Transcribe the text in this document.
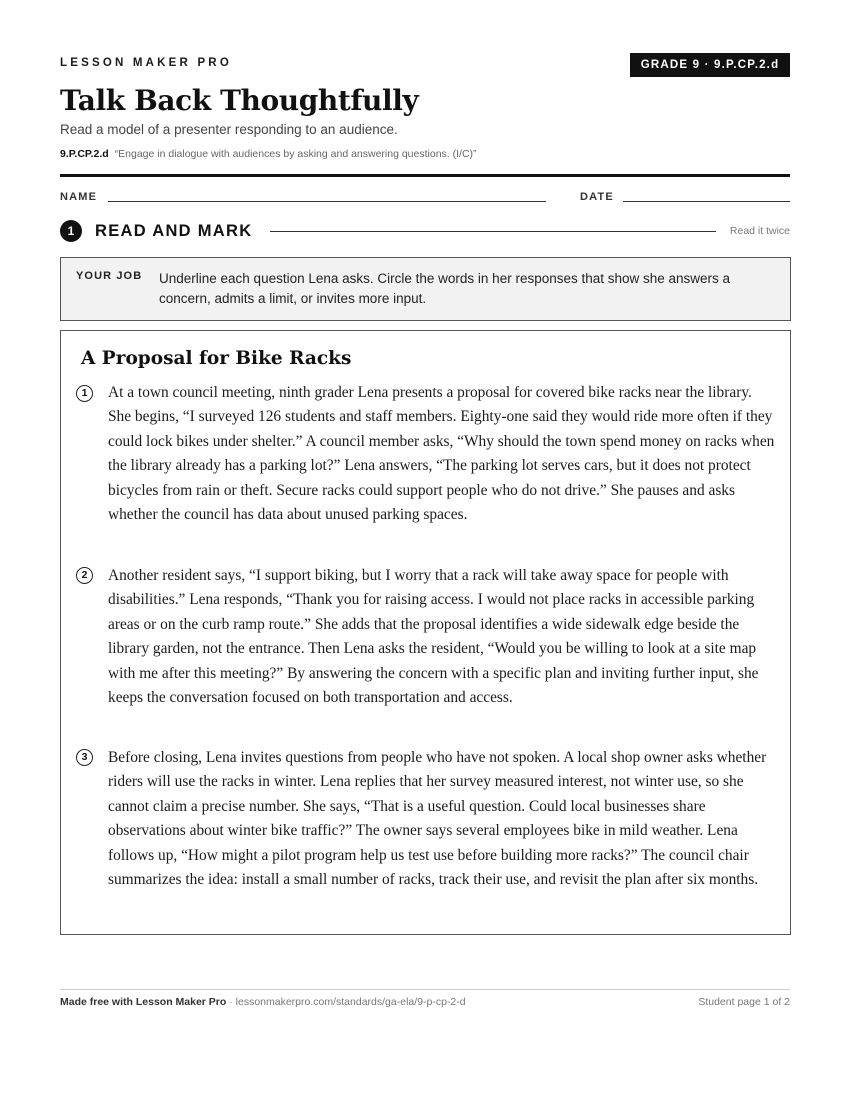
LESSON MAKER PRO	GRADE 9 · 9.P.CP.2.d
Talk Back Thoughtfully
Read a model of a presenter responding to an audience.
9.P.CP.2.d “Engage in dialogue with audiences by asking and answering questions. (I/C)”
NAME	DATE
1	READ AND MARK	Read it twice
YOUR JOB Underline each question Lena asks. Circle the words in her responses that show she answers a concern, admits a limit, or invites more input.
A Proposal for Bike Racks
1	At a town council meeting, ninth grader Lena presents a proposal for covered bike racks near the library. She begins, “I surveyed 126 students and staff members. Eighty-one said they would ride more often if they could lock bikes under shelter.” A council member asks, “Why should the town spend money on racks when the library already has a parking lot?” Lena answers, “The parking lot serves cars, but it does not protect bicycles from rain or theft. Secure racks could support people who do not drive.” She pauses and asks whether the council has data about unused parking spaces.
2	Another resident says, “I support biking, but I worry that a rack will take away space for people with disabilities.” Lena responds, “Thank you for raising access. I would not place racks in accessible parking areas or on the curb ramp route.” She adds that the proposal identifies a wide sidewalk edge beside the library garden, not the entrance. Then Lena asks the resident, “Would you be willing to look at a site map with me after this meeting?” By answering the concern with a specific plan and inviting further input, she keeps the conversation focused on both transportation and access.
3	Before closing, Lena invites questions from people who have not spoken. A local shop owner asks whether riders will use the racks in winter. Lena replies that her survey measured interest, not winter use, so she cannot claim a precise number. She says, “That is a useful question. Could local businesses share observations about winter bike traffic?” The owner says several employees bike in mild weather. Lena follows up, “How might a pilot program help us test use before building more racks?” The council chair summarizes the idea: install a small number of racks, track their use, and revisit the plan after six months.
Made free with Lesson Maker Pro · lessonmakerpro.com/standards/ga-ela/9-p-cp-2-d	Student page 1 of 2
